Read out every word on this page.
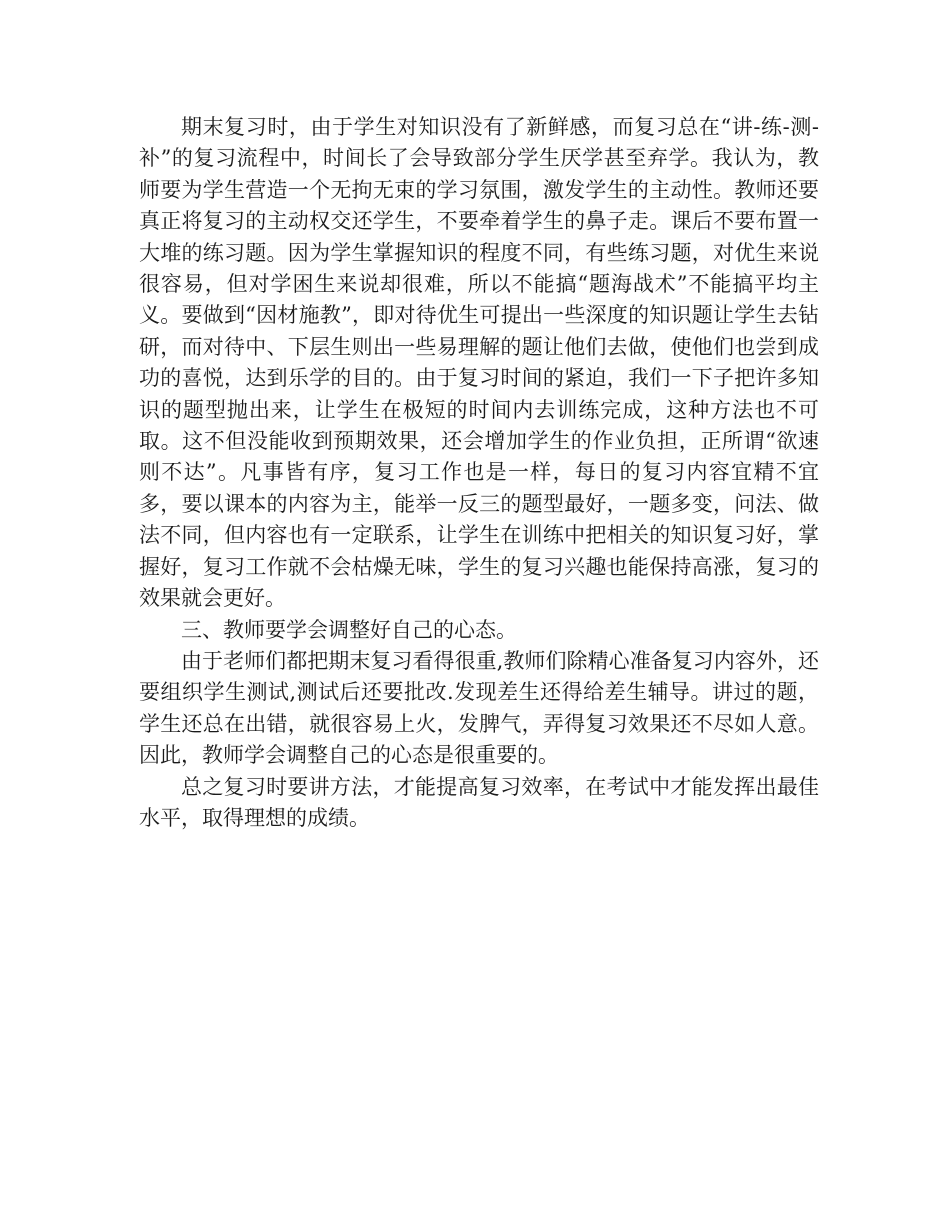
期末复习时，由于学生对知识没有了新鲜感，而复习总在“讲-练-测-补”的复习流程中，时间长了会导致部分学生厌学甚至弃学。我认为，教师要为学生营造一个无拘无束的学习氛围，激发学生的主动性。教师还要真正将复习的主动权交还学生，不要牵着学生的鼻子走。课后不要布置一大堆的练习题。因为学生掌握知识的程度不同，有些练习题，对优生来说很容易，但对学困生来说却很难，所以不能搞“题海战术”不能搞平均主义。要做到“因材施教”，即对待优生可提出一些深度的知识题让学生去钻研，而对待中、下层生则出一些易理解的题让他们去做，使他们也尝到成功的喜悦，达到乐学的目的。由于复习时间的紧迫，我们一下子把许多知识的题型抛出来，让学生在极短的时间内去训练完成，这种方法也不可取。这不但没能收到预期效果，还会增加学生的作业负担，正所谓“欲速则不达”。凡事皆有序，复习工作也是一样，每日的复习内容宜精不宜多，要以课本的内容为主，能举一反三的题型最好，一题多变，问法、做法不同，但内容也有一定联系，让学生在训练中把相关的知识复习好，掌握好，复习工作就不会枯燥无味，学生的复习兴趣也能保持高涨，复习的效果就会更好。

三、教师要学会调整好自己的心态。

由于老师们都把期末复习看得很重,教师们除精心准备复习内容外，还要组织学生测试,测试后还要批改.发现差生还得给差生辅导。讲过的题，学生还总在出错，就很容易上火，发脾气，弄得复习效果还不尽如人意。因此，教师学会调整自己的心态是很重要的。

总之复习时要讲方法，才能提高复习效率，在考试中才能发挥出最佳水平，取得理想的成绩。
